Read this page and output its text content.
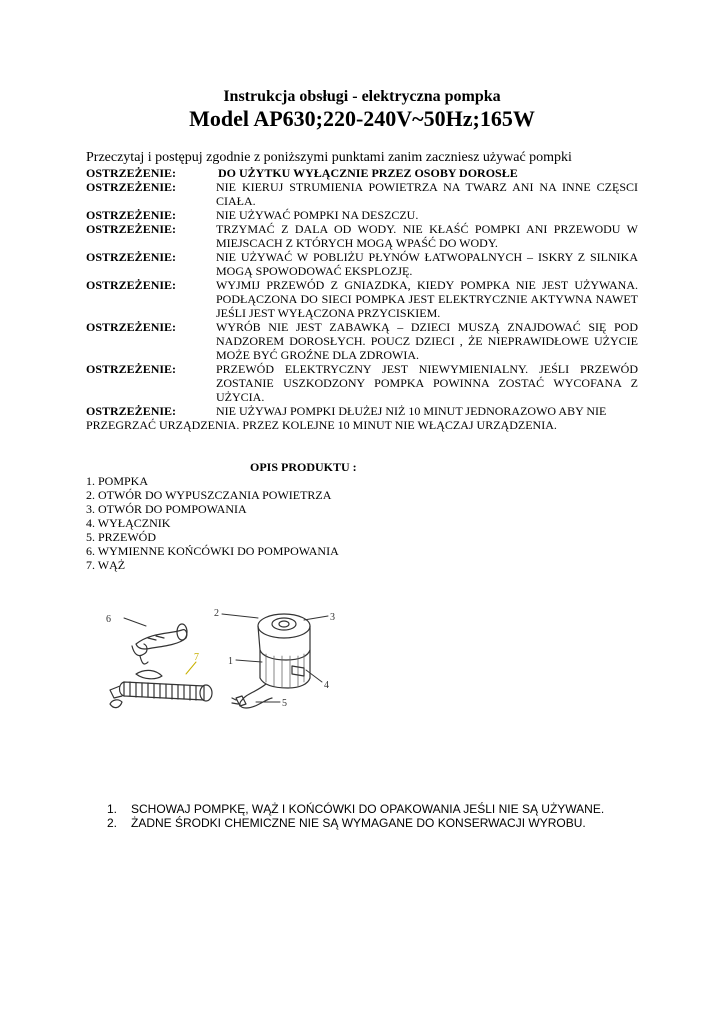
Instrukcja obsługi - elektryczna pompka
Model AP630;220-240V~50Hz;165W
Przeczytaj i postępuj zgodnie z poniższymi punktami zanim zaczniesz używać pompki
OSTRZEŻENIE:	DO UŻYTKU WYŁĄCZNIE PRZEZ OSOBY DOROSŁE
OSTRZEŻENIE:	NIE KIERUJ STRUMIENIA POWIETRZA NA TWARZ ANI NA INNE CZĘSCI CIAŁA.
OSTRZEŻENIE:	NIE UŻYWAĆ POMPKI NA DESZCZU.
OSTRZEŻENIE:	TRZYMAĆ Z DALA OD WODY. NIE KŁAŚĆ POMPKI ANI PRZEWODU W MIEJSCACH Z KTÓRYCH MOGĄ WPAŚĆ DO WODY.
OSTRZEŻENIE:	NIE UŻYWAĆ W POBLIŻU PŁYNÓW ŁATWOPALNYCH – ISKRY Z SILNIKA MOGĄ SPOWODOWAĆ EKSPLOZJĘ.
OSTRZEŻENIE:	WYJMIJ PRZEWÓD Z GNIAZDKA, KIEDY POMPKA NIE JEST UŻYWANA. PODŁĄCZONA DO SIECI POMPKA JEST ELEKTRYCZNIE AKTYWNA NAWET JEŚLI JEST WYŁĄCZONA PRZYCISKIEM.
OSTRZEŻENIE:	WYRÓB NIE JEST ZABAWKĄ – DZIECI MUSZĄ ZNAJDOWAĆ SIĘ POD NADZOREM DOROSŁYCH. POUCZ DZIECI , ŻE NIEPRAWIDŁOWE UŻYCIE MOŻE BYĆ GROŹNE DLA ZDROWIA.
OSTRZEŻENIE:	PRZEWÓD ELEKTRYCZNY JEST NIEWYMIENIALNY. JEŚLI PRZEWÓD ZOSTANIE USZKODZONY POMPKA POWINNA ZOSTAĆ WYCOFANA Z UŻYCIA.
OSTRZEŻENIE:	NIE UŻYWAJ POMPKI DŁUŻEJ NIŻ 10 MINUT JEDNORAZOWO ABY NIE PRZEGRZAĆ URZĄDZENIA. PRZEZ KOLEJNE 10 MINUT NIE WŁĄCZAJ URZĄDZENIA.
OPIS PRODUKTU :
1. POMPKA
2. OTWÓR DO WYPUSZCZANIA POWIETRZA
3. OTWÓR DO POMPOWANIA
4. WYŁĄCZNIK
5. PRZEWÓD
6. WYMIENNE KOŃCÓWKI DO POMPOWANIA
7. WĄŻ
1
2	3
4
5
6
7
1.	SCHOWAJ POMPKĘ, WĄŻ I KOŃCÓWKI DO OPAKOWANIA JEŚLI NIE SĄ UŻYWANE.
2.	ŻADNE ŚRODKI CHEMICZNE NIE SĄ WYMAGANE DO KONSERWACJI WYROBU.
